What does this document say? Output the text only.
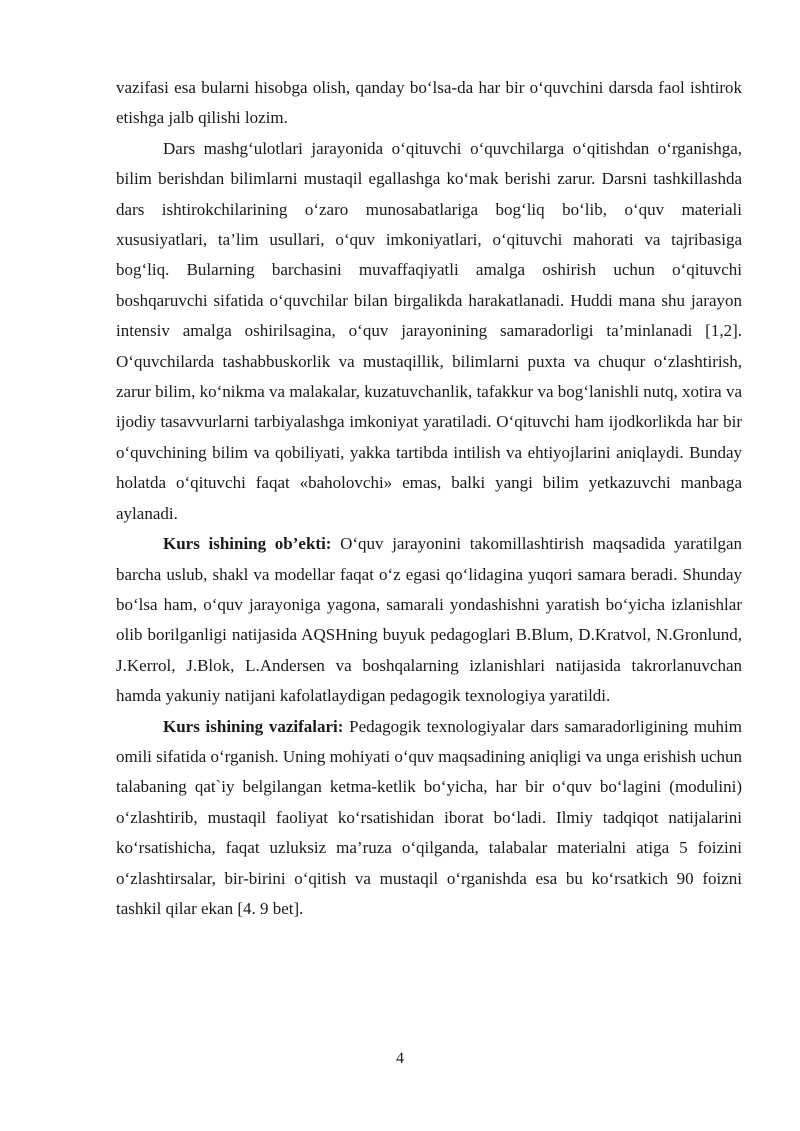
vazifasi esa bularni hisobga olish, qanday boʻlsa-da har bir oʻquvchini darsda faol ishtirok etishga jalb qilishi lozim.

Dars mashgʻulotlari jarayonida oʻqituvchi oʻquvchilarga oʻqitishdan oʻrganishga, bilim berishdan bilimlarni mustaqil egallashga koʻmak berishi zarur. Darsni tashkillashda dars ishtirokchilarining oʻzaro munosabatlariga bogʻliq boʻlib, oʻquv materiali xususiyatlari, ta’lim usullari, oʻquv imkoniyatlari, oʻqituvchi mahorati va tajribasiga bogʻliq. Bularning barchasini muvaffaqiyatli amalga oshirish uchun oʻqituvchi boshqaruvchi sifatida oʻquvchilar bilan birgalikda harakatlanadi. Huddi mana shu jarayon intensiv amalga oshirilsagina, oʻquv jarayonining samaradorligi ta’minlanadi [1,2]. Oʻquvchilarda tashabbuskorlik va mustaqillik, bilimlarni puxta va chuqur oʻzlashtirish, zarur bilim, koʻnikma va malakalar, kuzatuvchanlik, tafakkur va bogʻlanishli nutq, xotira va ijodiy tasavvurlarni tarbiyalashga imkoniyat yaratiladi. Oʻqituvchi ham ijodkorlikda har bir oʻquvchining bilim va qobiliyati, yakka tartibda intilish va ehtiyojlarini aniqlaydi. Bunday holatda oʻqituvchi faqat «baholovchi» emas, balki yangi bilim yetkazuvchi manbaga aylanadi.

Kurs ishining ob’ekti: Oʻquv jarayonini takomillashtirish maqsadida yaratilgan barcha uslub, shakl va modellar faqat oʻz egasi qoʻlidagina yuqori samara beradi. Shunday boʻlsa ham, oʻquv jarayoniga yagona, samarali yondashishni yaratish boʻyicha izlanishlar olib borilganligi natijasida AQSHning buyuk pedagoglari B.Blum, D.Kratvol, N.Gronlund, J.Kerrol, J.Blok, L.Andersen va boshqalarning izlanishlari natijasida takrorlanuvchan hamda yakuniy natijani kafolatlaydigan pedagogik texnologiya yaratildi.

Kurs ishining vazifalari: Pedagogik texnologiyalar dars samaradorligining muhim omili sifatida oʻrganish. Uning mohiyati oʻquv maqsadining aniqligi va unga erishish uchun talabaning qat`iy belgilangan ketma-ketlik boʻyicha, har bir oʻquv boʻlagini (modulini) oʻzlashtirib, mustaqil faoliyat koʻrsatishidan iborat boʻladi. Ilmiy tadqiqot natijalarini koʻrsatishicha, faqat uzluksiz ma’ruza oʻqilganda, talabalar materialni atiga 5 foizini oʻzlashtirsalar, bir-birini oʻqitish va mustaqil oʻrganishda esa bu koʻrsatkich 90 foizni tashkil qilar ekan [4. 9 bet].

4
